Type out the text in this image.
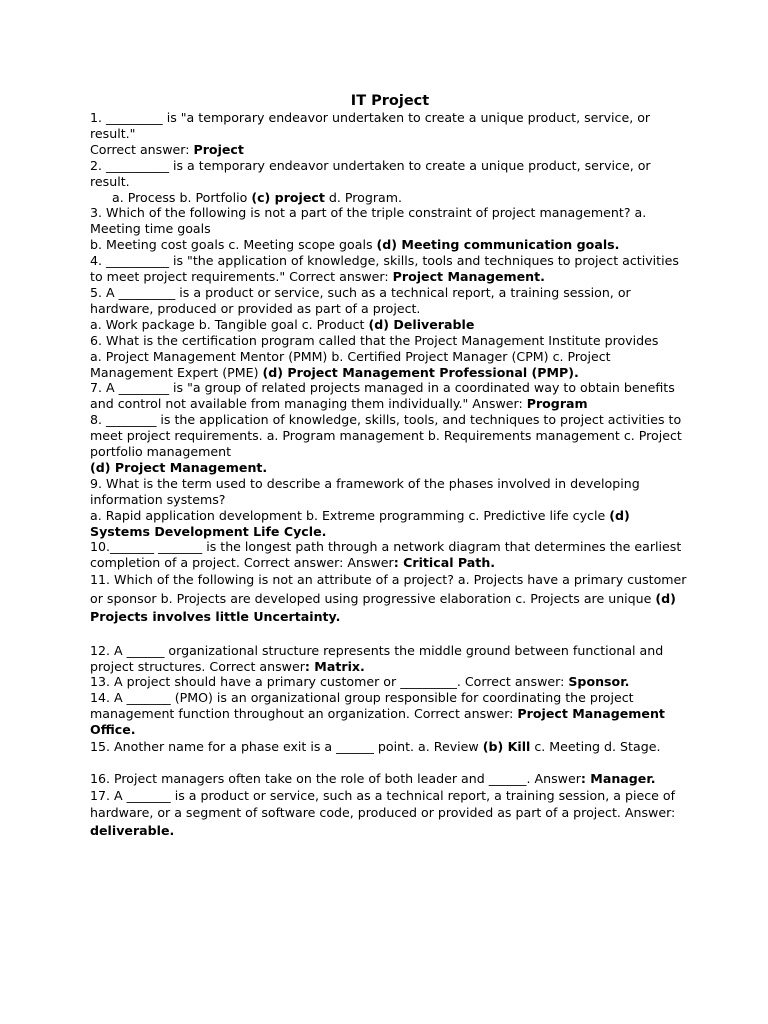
IT Project

1. _________ is "a temporary endeavor undertaken to create a unique product, service, or result."

Correct answer: Project

2. __________ is a temporary endeavor undertaken to create a unique product, service, or result.

a. Process b. Portfolio (c) project d. Program.

3. Which of the following is not a part of the triple constraint of project management? a. Meeting time goals

b. Meeting cost goals c. Meeting scope goals (d) Meeting communication goals.

4. __________ is "the application of knowledge, skills, tools and techniques to project activities to meet project requirements." Correct answer: Project Management.

5. A _________ is a product or service, such as a technical report, a training session, or hardware, produced or provided as part of a project.

a. Work package b. Tangible goal c. Product (d) Deliverable

6. What is the certification program called that the Project Management Institute provides

a. Project Management Mentor (PMM) b. Certified Project Manager (CPM) c. Project Management Expert (PME) (d) Project Management Professional (PMP).

7. A ________ is "a group of related projects managed in a coordinated way to obtain benefits and control not available from managing them individually." Answer: Program

8. ________ is the application of knowledge, skills, tools, and techniques to project activities to meet project requirements. a. Program management b. Requirements management c. Project portfolio management

(d) Project Management.

9. What is the term used to describe a framework of the phases involved in developing information systems?

a. Rapid application development b. Extreme programming c. Predictive life cycle (d) Systems Development Life Cycle.

10._______ _______ is the longest path through a network diagram that determines the earliest completion of a project. Correct answer: Answer: Critical Path.

11. Which of the following is not an attribute of a project? a. Projects have a primary customer or sponsor b. Projects are developed using progressive elaboration c. Projects are unique (d) Projects involves little Uncertainty.

12. A ______ organizational structure represents the middle ground between functional and project structures. Correct answer: Matrix.

13. A project should have a primary customer or _________. Correct answer: Sponsor.

14. A _______ (PMO) is an organizational group responsible for coordinating the project management function throughout an organization. Correct answer: Project Management Office.

15. Another name for a phase exit is a ______ point. a. Review (b) Kill c. Meeting d. Stage.

16. Project managers often take on the role of both leader and ______. Answer: Manager.

17. A _______ is a product or service, such as a technical report, a training session, a piece of hardware, or a segment of software code, produced or provided as part of a project. Answer: deliverable.
